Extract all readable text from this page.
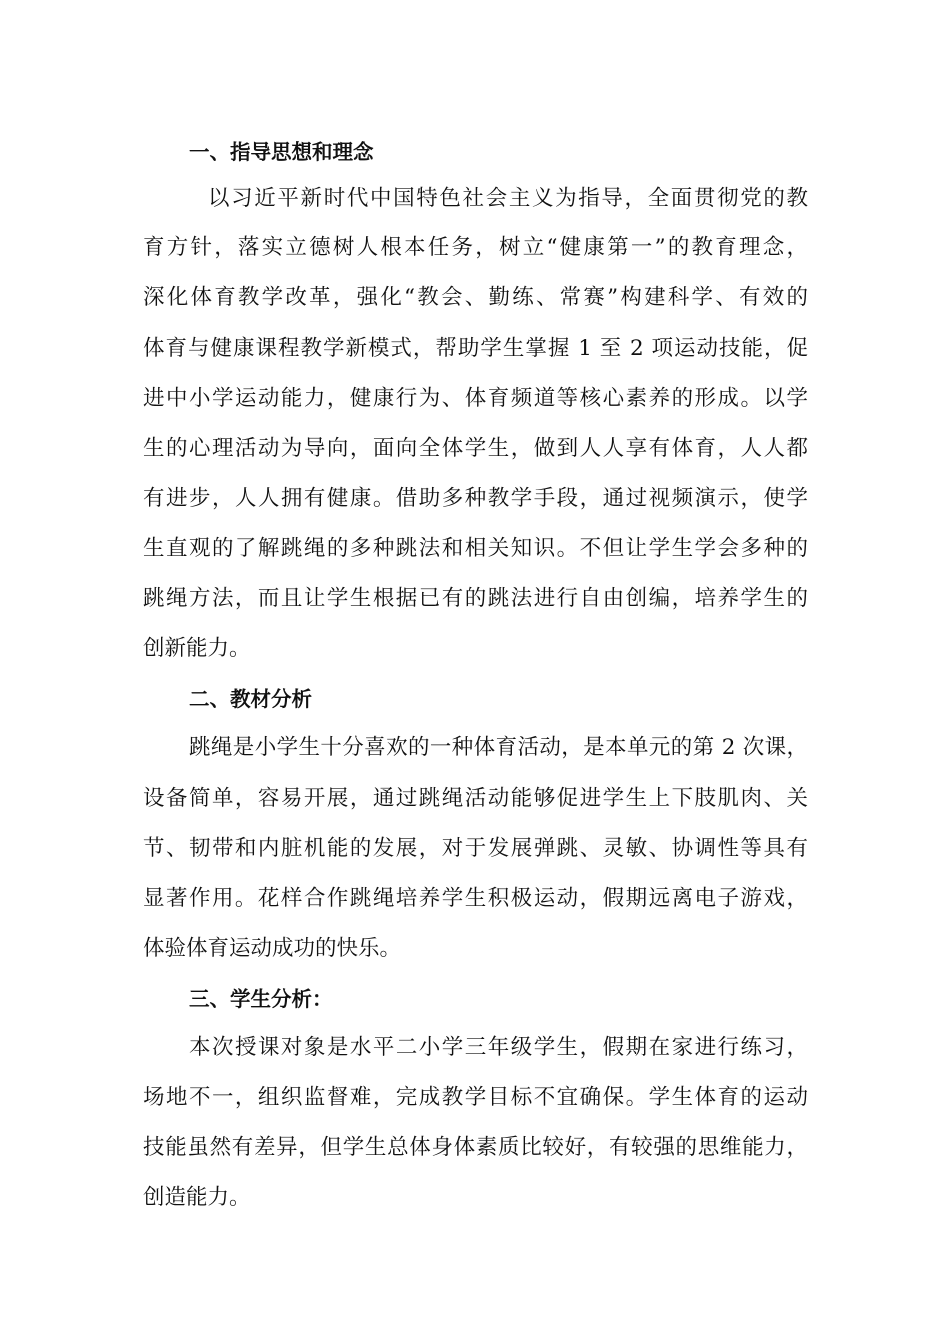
一、指导思想和理念

以习近平新时代中国特色社会主义为指导，全面贯彻党的教

育方针，落实立德树人根本任务，树立“健康第一”的教育理念，

深化体育教学改革，强化“教会、勤练、常赛”构建科学、有效的

体育与健康课程教学新模式，帮助学生掌握 1 至 2 项运动技能，促

进中小学运动能力，健康行为、体育频道等核心素养的形成。以学

生的心理活动为导向，面向全体学生，做到人人享有体育，人人都

有进步，人人拥有健康。借助多种教学手段，通过视频演示，使学

生直观的了解跳绳的多种跳法和相关知识。不但让学生学会多种的

跳绳方法，而且让学生根据已有的跳法进行自由创编，培养学生的

创新能力。

二、教材分析

跳绳是小学生十分喜欢的一种体育活动，是本单元的第 2 次课，

设备简单，容易开展，通过跳绳活动能够促进学生上下肢肌肉、关

节、韧带和内脏机能的发展，对于发展弹跳、灵敏、协调性等具有

显著作用。花样合作跳绳培养学生积极运动，假期远离电子游戏，

体验体育运动成功的快乐。

三、学生分析：

本次授课对象是水平二小学三年级学生，假期在家进行练习，

场地不一，组织监督难，完成教学目标不宜确保。学生体育的运动

技能虽然有差异，但学生总体身体素质比较好，有较强的思维能力，

创造能力。
